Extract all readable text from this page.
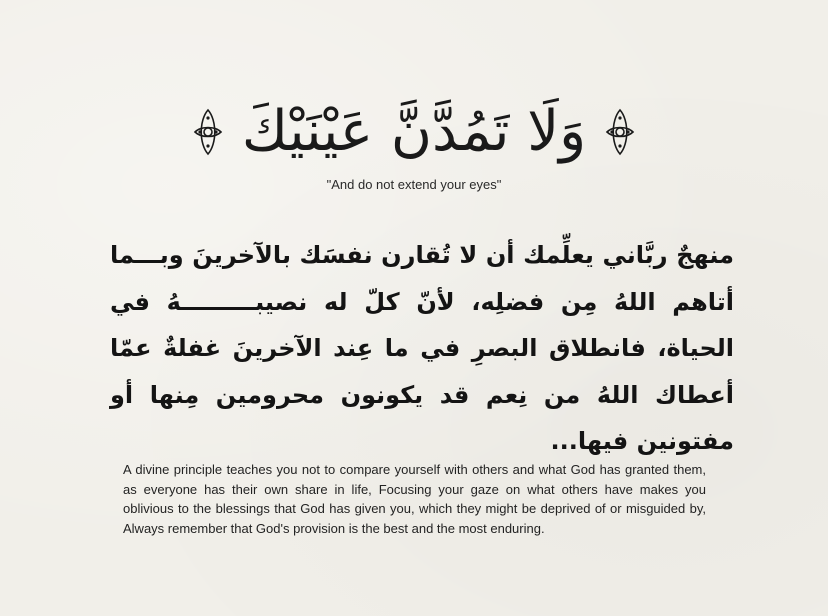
وَلَا تَمُدَّنَّ عَيْنَيْكَ
"And do not extend your eyes"
منهجٌ ربَّاني يعلِّمك أن لا تُقارن نفسَك بالآخرينَ وبـــما أتاهم اللهُ مِن فضلِه، لأنّ كلّ له نصيبـــــــــهُ في الحياة، فانطلاق البصرِ في ما عِند الآخرينَ غفلةٌ عمّا أعطاك اللهُ من نِعم قد يكونون محرومين مِنها أو مفتونين فيها...
A divine principle teaches you not to compare yourself with others and what God has granted them, as everyone has their own share in life, Focusing your gaze on what others have makes you oblivious to the blessings that God has given you, which they might be deprived of or misguided by, Always remember that God's provision is the best and the most enduring.
